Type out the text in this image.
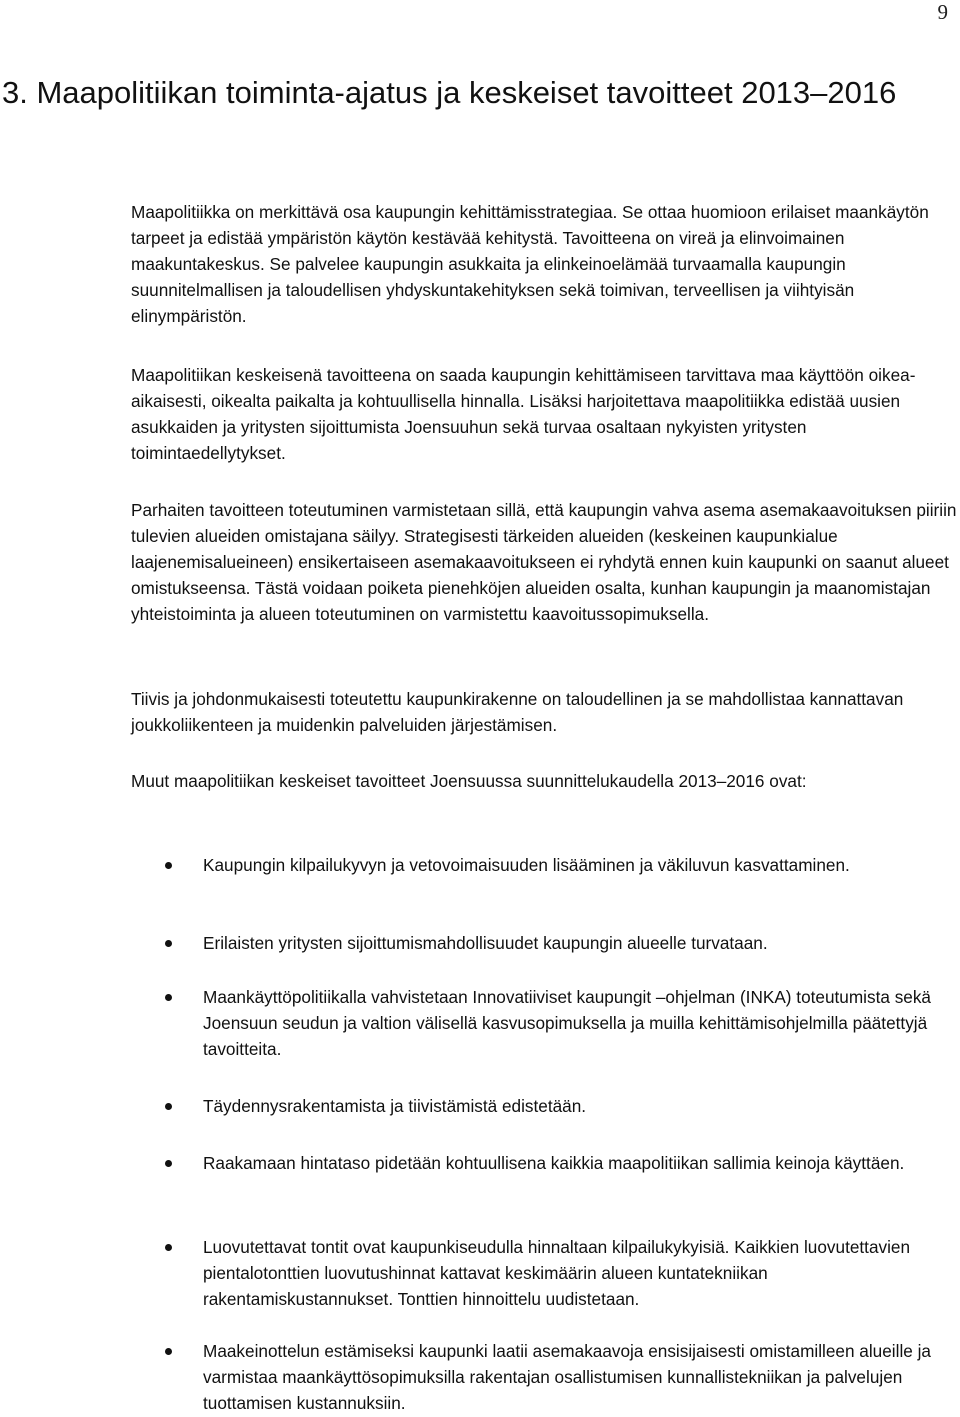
9
3. Maapolitiikan toiminta-ajatus ja keskeiset tavoitteet 2013–2016

Maapolitiikka on merkittävä osa kaupungin kehittämisstrategiaa. Se ottaa huomioon erilaiset maankäytön tarpeet ja edistää ympäristön käytön kestävää kehitystä. Tavoitteena on vireä ja elinvoimainen maakuntakeskus. Se palvelee kaupungin asukkaita ja elinkeinoelämää turvaamalla kaupungin suunnitelmallisen ja taloudellisen yhdyskuntakehityksen sekä toimivan, terveellisen ja viihtyisän elinympäristön.

Maapolitiikan keskeisenä tavoitteena on saada kaupungin kehittämiseen tarvittava maa käyttöön oikea-aikaisesti, oikealta paikalta ja kohtuullisella hinnalla. Lisäksi harjoitettava maapolitiikka edistää uusien asukkaiden ja yritysten sijoittumista Joensuuhun sekä turvaa osaltaan nykyisten yritysten toimintaedellytykset.

Parhaiten tavoitteen toteutuminen varmistetaan sillä, että kaupungin vahva asema asemakaavoituksen piiriin tulevien alueiden omistajana säilyy. Strategisesti tärkeiden alueiden (keskeinen kaupunkialue laajenemisalueineen) ensikertaiseen asemakaavoitukseen ei ryhdytä ennen kuin kaupunki on saanut alueet omistukseensa. Tästä voidaan poiketa pienehköjen alueiden osalta, kunhan kaupungin ja maanomistajan yhteistoiminta ja alueen toteutuminen on varmistettu kaavoitussopimuksella.

Tiivis ja johdonmukaisesti toteutettu kaupunkirakenne on taloudellinen ja se mahdollistaa kannattavan joukkoliikenteen ja muidenkin palveluiden järjestämisen.

Muut maapolitiikan keskeiset tavoitteet Joensuussa suunnittelukaudella 2013–2016 ovat:

Kaupungin kilpailukyvyn ja vetovoimaisuuden lisääminen ja väkiluvun kasvattaminen.
Erilaisten yritysten sijoittumismahdollisuudet kaupungin alueelle turvataan.
Maankäyttöpolitiikalla vahvistetaan Innovatiiviset kaupungit –ohjelman (INKA) toteutumista sekä Joensuun seudun ja valtion välisellä kasvusopimuksella ja muilla kehittämisohjelmilla päätettyjä tavoitteita.
Täydennysrakentamista ja tiivistämistä edistetään.
Raakamaan hintataso pidetään kohtuullisena kaikkia maapolitiikan sallimia keinoja käyttäen.
Luovutettavat tontit ovat kaupunkiseudulla hinnaltaan kilpailukykyisiä. Kaikkien luovutettavien pientalotonttien luovutushinnat kattavat keskimäärin alueen kuntatekniikan rakentamiskustannukset. Tonttien hinnoittelu uudistetaan.
Maakeinottelun estämiseksi kaupunki laatii asemakaavoja ensisijaisesti omistamilleen alueille ja varmistaa maankäyttösopimuksilla rakentajan osallistumisen kunnallistekniikan ja palvelujen tuottamisen kustannuksiin.
